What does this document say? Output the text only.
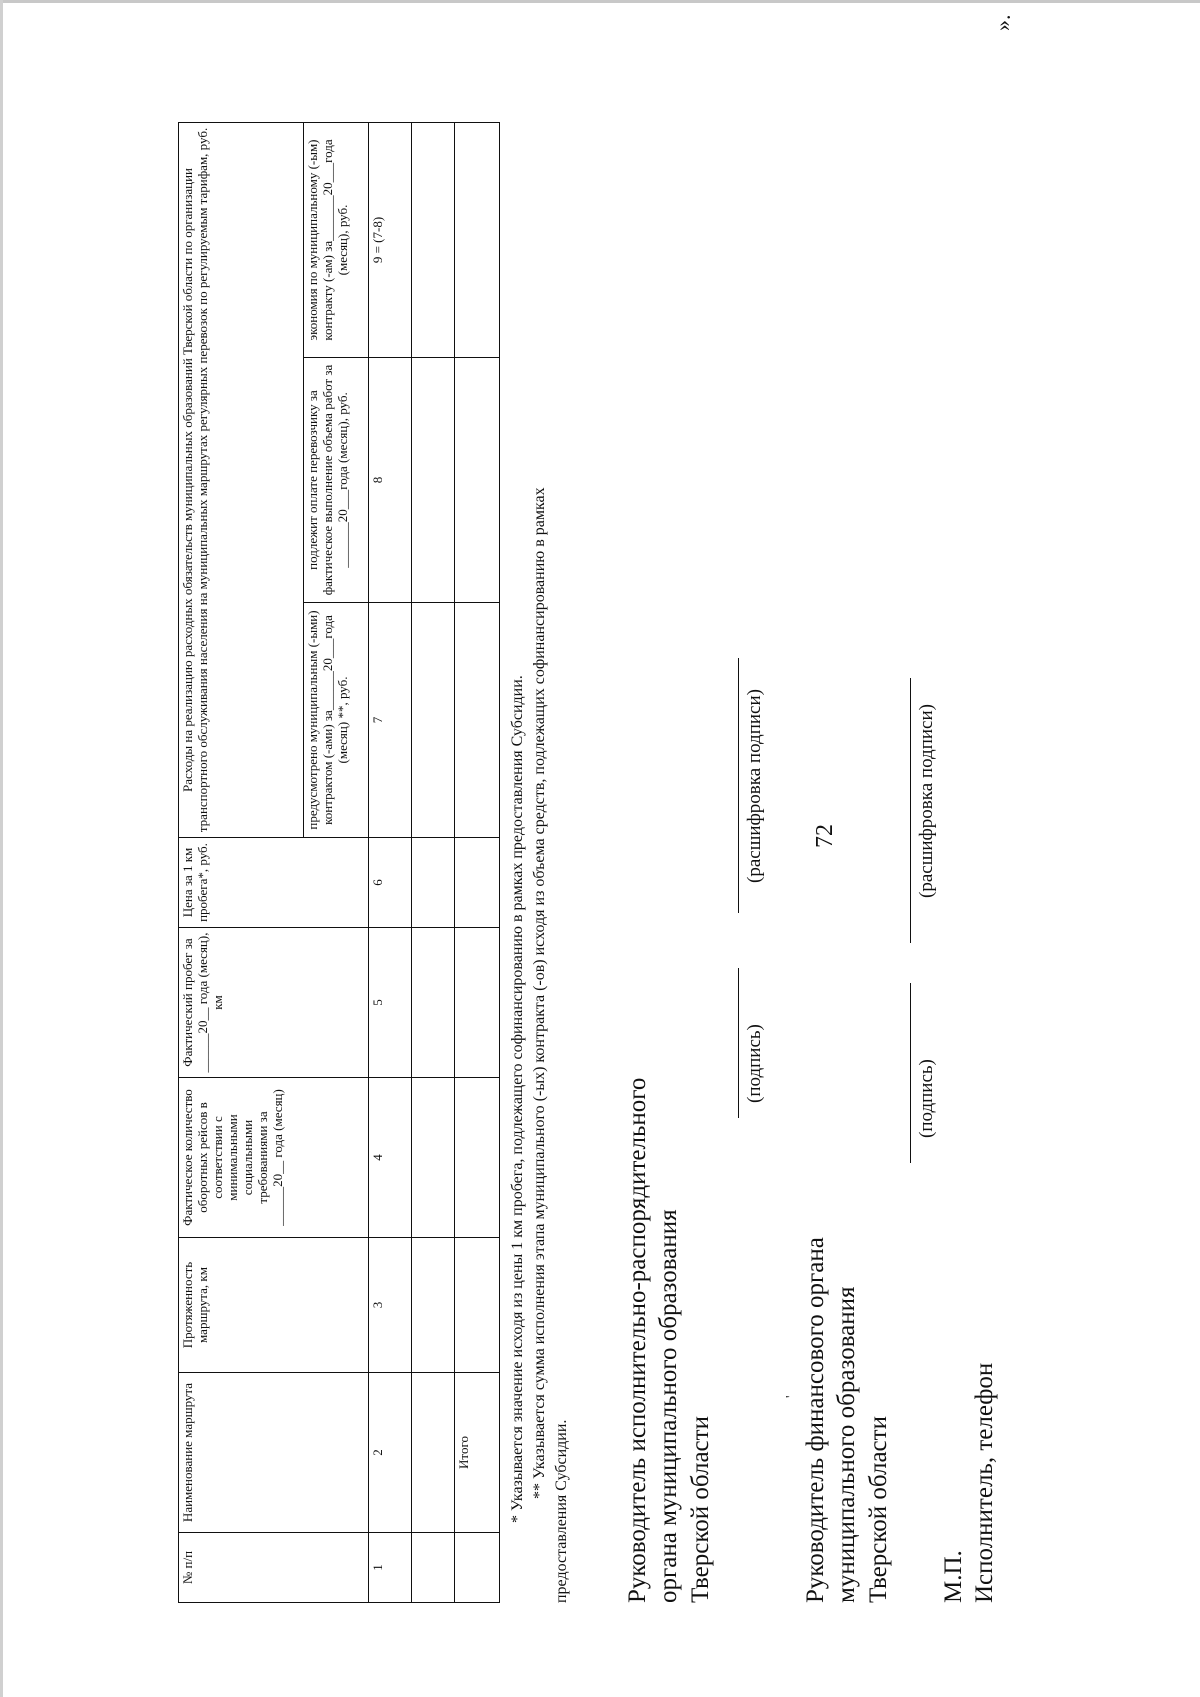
72
№ п/п	Наименование маршрута	Протяженность маршрута, км	Фактическое количество оборотных рейсов в соответствии с минимальными социальными требованиями за ______20__ года (месяц)	Фактический пробег за ______20__ года (месяц), км	Цена за 1 км пробега*, руб.	Расходы на реализацию расходных обязательств муниципальных образований Тверской области по организации транспортного обслуживания населения на муниципальных маршрутах регулярных перевозок по регулируемым тарифам, руб.		
						предусмотрено муниципальным (-ыми) контрактом (-ами) за______20___года (месяц) **, руб.	подлежит оплате перевозчику за фактическое выполнение объема работ за _______20___года (месяц), руб.	экономия по муниципальному (-ым) контракту (-ам) за_______20___года (месяц), руб.
1	2	3	4	5	6	7	8	9 = (7-8)

	Итого							* Указывается значение исходя из цены 1 км пробега, подлежащего софинансированию в рамках предоставления Субсидии. ** Указывается сумма исполнения этапа муниципального (-ых) контракта (-ов) исходя из объема средств, подлежащих софинансированию в рамках
предоставления Субсидии. Руководитель исполнительно-распорядительного органа муниципального образования Тверской области
(подпись)
(расшифровка подписи)
Руководитель финансового органа муниципального образования Тверской области
(подпись)
(расшифровка подписи)
М.П. Исполнитель, телефон
».
'
